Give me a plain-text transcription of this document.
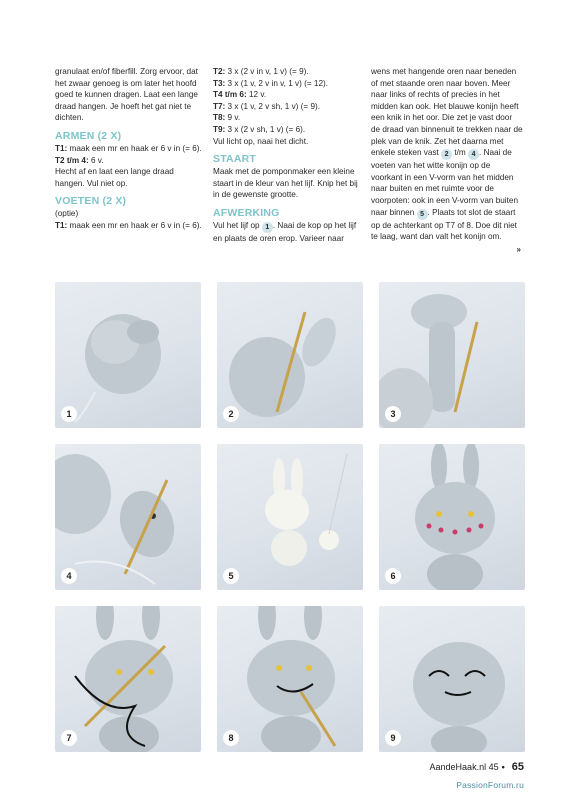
granulaat en/of fiberfill. Zorg ervoor, dat het zwaar genoeg is om later het hoofd goed te kunnen dragen. Laat een lange draad hangen. Je hoeft het gat niet te dichten.

ARMEN (2 X)

T1: maak een mr en haak er 6 v in (= 6).

T2 t/m 4: 6 v.

Hecht af en laat een lange draad hangen. Vul niet op.

VOETEN (2 X)

(optie)

T1: maak een mr en haak er 6 v in (= 6).

T2: 3 x (2 v in v, 1 v) (= 9).

T3: 3 x (1 v, 2 v in v, 1 v) (= 12).

T4 t/m 6: 12 v.

T7: 3 x (1 v, 2 v sh, 1 v) (= 9).

T8: 9 v.

T9: 3 x (2 v sh, 1 v) (= 6).

Vul licht op, naai het dicht.

STAART

Maak met de pomponmaker een kleine staart in de kleur van het lijf. Knip het bij in de gewenste grootte.

AFWERKING

Vul het lijf op 1 . Naai de kop op het lijf en plaats de oren erop. Varieer naar

wens met hangende oren naar beneden of met staande oren naar boven. Meer naar links of rechts of precies in het midden kan ook. Het blauwe konijn heeft een knik in het oor. Die zet je vast door de draad van binnenuit te trekken naar de plek van de knik. Zet het daarna met enkele steken vast 2 t/m 4 . Naai de voeten van het witte konijn op de voorkant in een V-vorm van het midden naar buiten en met ruimte voor de voorpoten: ook in een V-vorm van buiten naar binnen 5 . Plaats tot slot de staart op de achterkant op T7 of 8. Doe dit niet te laag, want dan valt het konijn om.

»
1	2	3
4	5	6
7	8	9
AandeHaak.nl 45 • 65
PassionForum.ru
